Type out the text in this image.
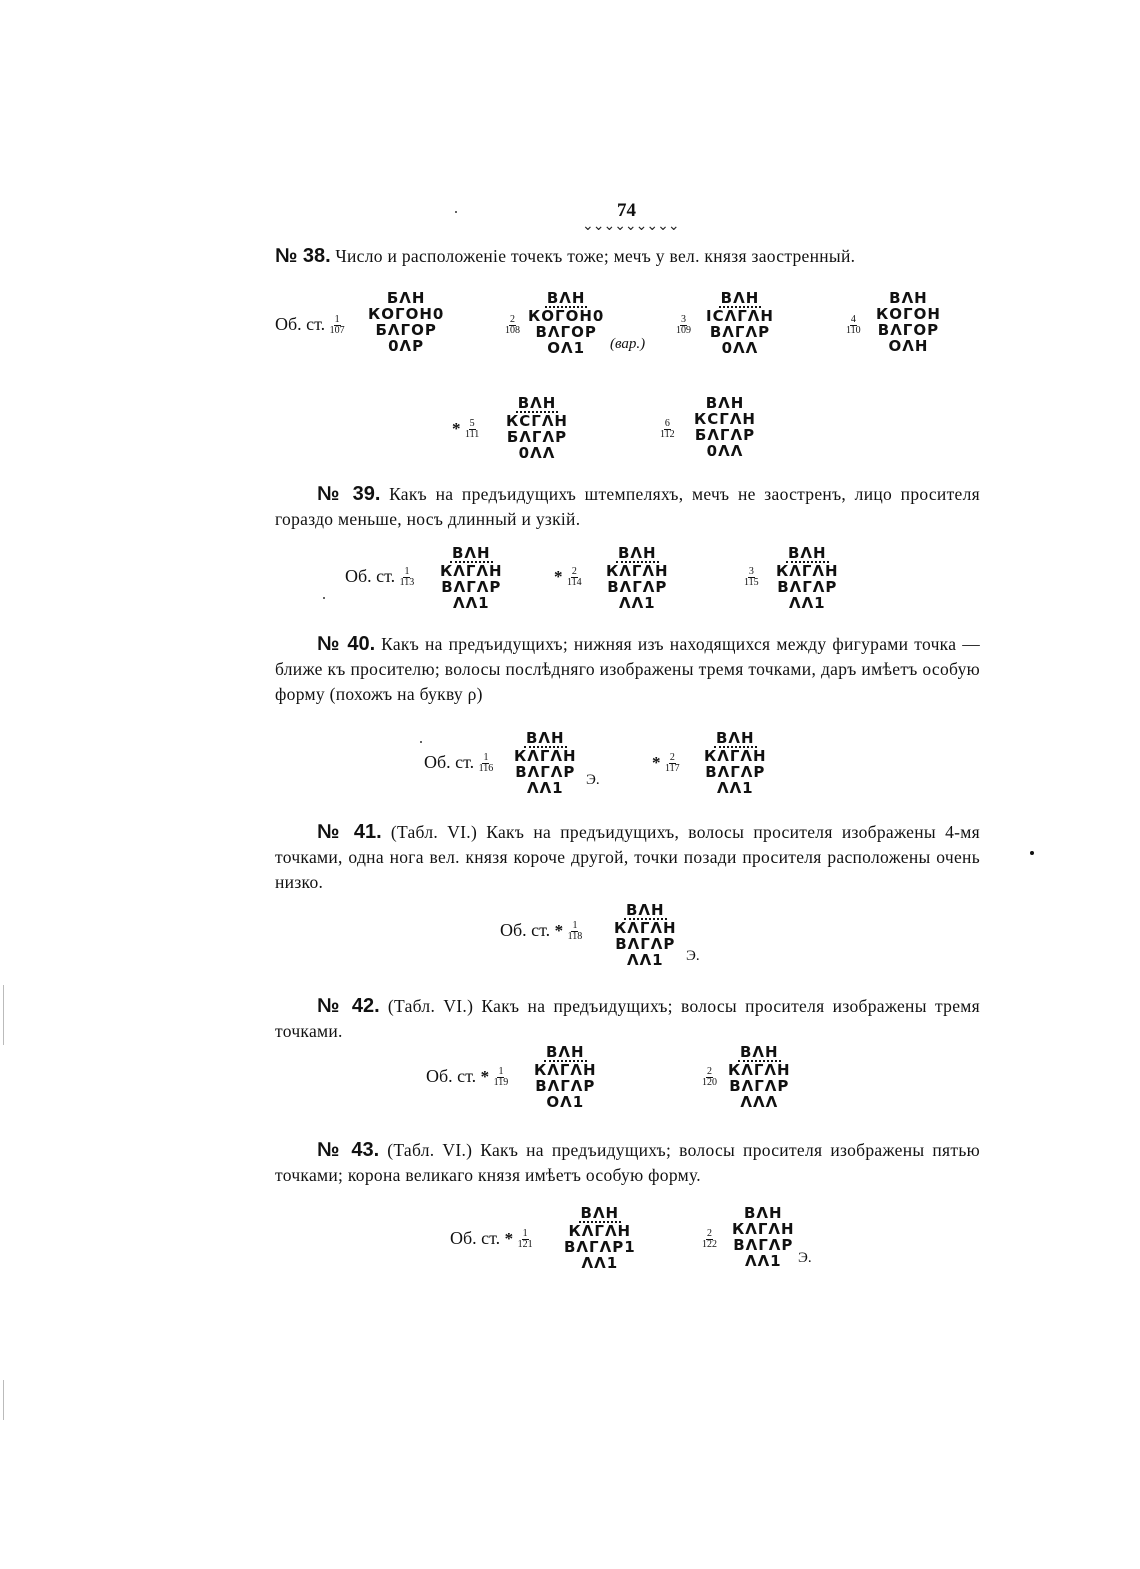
74
⌄⌄⌄⌄⌄⌄⌄⌄⌄
№ 38. Число и расположеніе точекъ тоже; мечъ у вел. князя заостренный.
Об. ст. $\frac{1}{107}$
БΛН
КОГОН0
БΛГОР
0ΛР
$\frac{2}{108}$
ВΛН
КОГОН0
ВΛГОР
ОΛ1	(вар.)
$\frac{3}{109}$
ВΛН
ІСΛГΛН
ВΛГΛР
0ΛΛ
$\frac{4}{110}$
ВΛН
КОГОН
ВΛГОР
ОΛН
* $\frac{5}{111}$
ВΛН
КСГΛН
БΛГΛР
0ΛΛ
$\frac{6}{112}$
ВΛН
КСГΛН
БΛГΛР
0ΛΛ
№ 39. Какъ на предъидущихъ штемпеляхъ, мечъ не заостренъ, лицо просителя гораздо меньше, носъ длинный и узкій.
Об. ст. $\frac{1}{113}$
ВΛН
КΛГΛН
ВΛГΛР
ΛΛ1
* $\frac{2}{114}$
ВΛН
КΛГΛН
ВΛГΛР
ΛΛ1
$\frac{3}{115}$
ВΛН
КΛГΛН
ВΛГΛР
ΛΛ1
№ 40. Какъ на предъидущихъ; нижняя изъ находящихся между фигурами точка — ближе къ просителю; волосы послѣдняго изображены тремя точками, даръ имѣетъ особую форму (похожъ на букву ρ)
Об. ст. $\frac{1}{116}$
ВΛН
КΛГΛН
ВΛГΛР
ΛΛ1	Э.
* $\frac{2}{117}$
ВΛН
КΛГΛН
ВΛГΛР
ΛΛ1
№ 41. (Табл. VI.) Какъ на предъидущихъ, волосы просителя изображены 4-мя точками, одна нога вел. князя короче другой, точки позади просителя расположены очень низко.
Об. ст. * $\frac{1}{118}$
ВΛН
КΛГΛН
ВΛГΛР
ΛΛ1	Э.
№ 42. (Табл. VI.) Какъ на предъидущихъ; волосы просителя изображены тремя точками.
Об. ст. * $\frac{1}{119}$
ВΛН
КΛГΛН
ВΛГΛР
ОΛ1
$\frac{2}{120}$
ВΛН
КΛГΛН
ВΛГΛР
ΛΛΛ
№ 43. (Табл. VI.) Какъ на предъидущихъ; волосы просителя изображены пятью точками; корона великаго князя имѣетъ особую форму.
Об. ст. * $\frac{1}{121}$
ВΛН
КΛГΛН
ВΛГΛР1
ΛΛ1
$\frac{2}{122}$
ВΛН
КΛГΛН
ВΛГΛР
ΛΛ1	Э.
